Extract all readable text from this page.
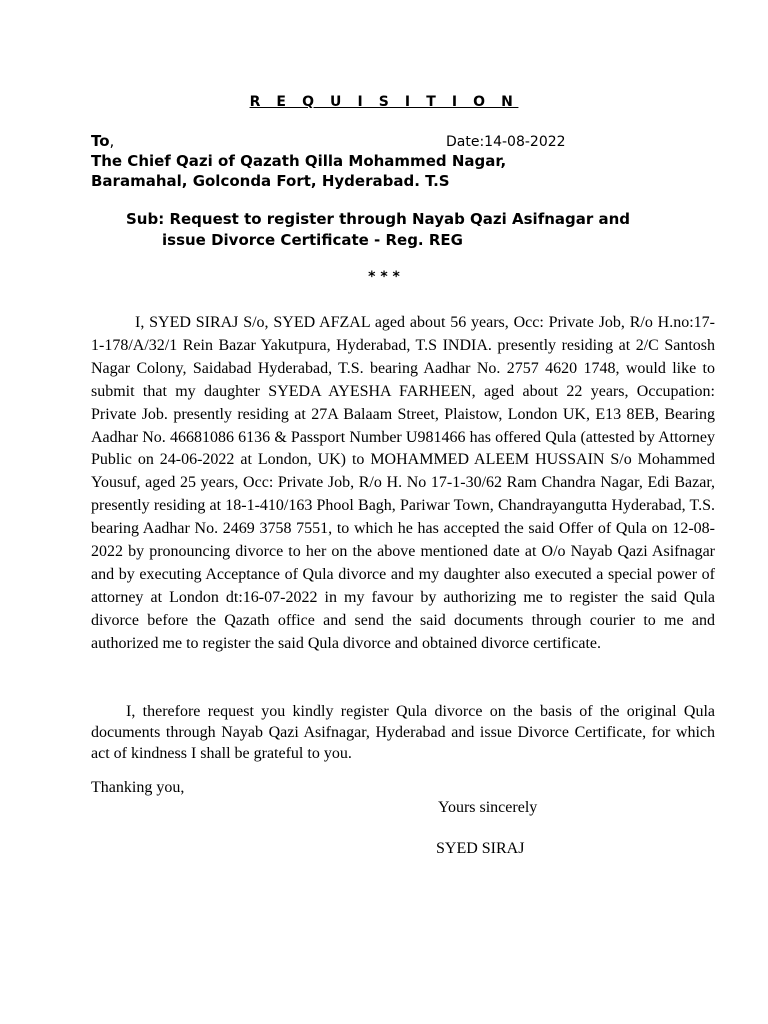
R E Q U I S I T I O N
To,	Date:14-08-2022
The Chief Qazi of Qazath Qilla Mohammed Nagar,
Baramahal, Golconda Fort, Hyderabad. T.S
Sub: Request to register through Nayab Qazi Asifnagar and
issue Divorce Certificate - Reg. REG
* * *

I, SYED SIRAJ S/o, SYED AFZAL aged about 56 years, Occ: Private Job, R/o H.no:17-1-178/A/32/1 Rein Bazar Yakutpura, Hyderabad, T.S INDIA. presently residing at 2/C Santosh Nagar Colony, Saidabad Hyderabad, T.S. bearing Aadhar No. 2757 4620 1748, would like to submit that my daughter SYEDA AYESHA FARHEEN, aged about 22 years, Occupation: Private Job. presently residing at 27A Balaam Street, Plaistow, London UK, E13 8EB, Bearing Aadhar No. 46681086 6136 & Passport Number U981466 has offered Qula (attested by Attorney Public on 24-06-2022 at London, UK) to MOHAMMED ALEEM HUSSAIN S/o Mohammed Yousuf, aged 25 years, Occ: Private Job, R/o H. No 17-1-30/62 Ram Chandra Nagar, Edi Bazar, presently residing at 18-1-410/163 Phool Bagh, Pariwar Town, Chandrayangutta Hyderabad, T.S. bearing Aadhar No. 2469 3758 7551, to which he has accepted the said Offer of Qula on 12-08-2022 by pronouncing divorce to her on the above mentioned date at O/o Nayab Qazi Asifnagar and by executing Acceptance of Qula divorce and my daughter also executed a special power of attorney at London dt:16-07-2022 in my favour by authorizing me to register the said Qula divorce before the Qazath office and send the said documents through courier to me and authorized me to register the said Qula divorce and obtained divorce certificate.

I, therefore request you kindly register Qula divorce on the basis of the original Qula documents through Nayab Qazi Asifnagar, Hyderabad and issue Divorce Certificate, for which act of kindness I shall be grateful to you.

Thanking you,
Yours sincerely
SYED SIRAJ
